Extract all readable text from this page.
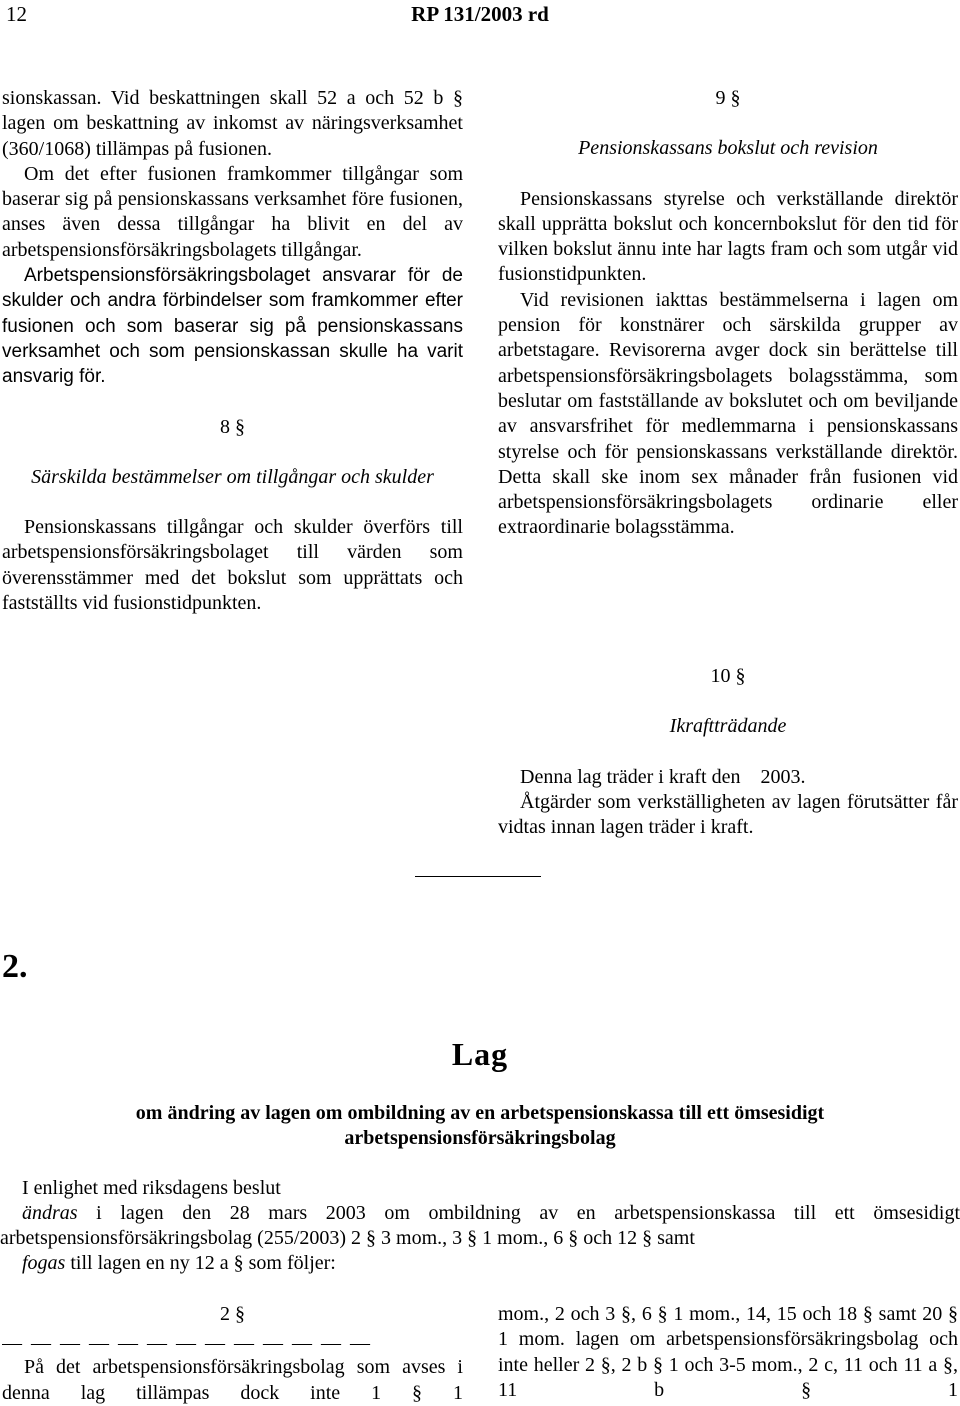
12	RP 131/2003 rd

sionskassan. Vid beskattningen skall 52 a och 52 b § lagen om beskattning av inkomst av näringsverksamhet (360/1068) tillämpas på fusionen.

Om det efter fusionen framkommer tillgångar som baserar sig på pensionskassans verksamhet före fusionen, anses även dessa tillgångar ha blivit en del av arbetspensionsförsäkringsbolagets tillgångar.

Arbetspensionsförsäkringsbolaget ansvarar för de skulder och andra förbindelser som framkommer efter fusionen och som baserar sig på pensionskassans verksamhet och som pensionskassan skulle ha varit ansvarig för.

8 §

Särskilda bestämmelser om tillgångar och skulder

Pensionskassans tillgångar och skulder överförs till arbetspensionsförsäkringsbolaget till värden som överensstämmer med det bokslut som upprättats och fastställts vid fusionstidpunkten.

9 §

Pensionskassans bokslut och revision

Pensionskassans styrelse och verkställande direktör skall upprätta bokslut och koncernbokslut för den tid för vilken bokslut ännu inte har lagts fram och som utgår vid fusionstidpunkten.

Vid revisionen iakttas bestämmelserna i lagen om pension för konstnärer och särskilda grupper av arbetstagare. Revisorerna avger dock sin berättelse till arbetspensionsförsäkringsbolagets bolagsstämma, som beslutar om fastställande av bokslutet och om beviljande av ansvarsfrihet för medlemmarna i pensionskassans styrelse och för pensionskassans verkställande direktör. Detta skall ske inom sex månader från fusionen vid arbetspensionsförsäkringsbolagets ordinarie eller extraordinarie bolagsstämma.

10 §

Ikraftträdande

Denna lag träder i kraft den    2003.

Åtgärder som verkställigheten av lagen förutsätter får vidtas innan lagen träder i kraft.

2.
Lag
om ändring av lagen om ombildning av en arbetspensionskassa till ett ömsesidigt arbetspensionsförsäkringsbolag

I enlighet med riksdagens beslut

ändras i lagen den 28 mars 2003 om ombildning av en arbetspensionskassa till ett ömsesidigt arbetspensionsförsäkringsbolag (255/2003) 2 § 3 mom., 3 § 1 mom., 6 § och 12 § samt

fogas till lagen en ny 12 a § som följer:

2 §

— — — — — — — — — — — — —

På det arbetspensionsförsäkringsbolag som avses i denna lag tillämpas dock inte 1 § 1

mom., 2 och 3 §, 6 § 1 mom., 14, 15 och 18 § samt 20 § 1 mom. lagen om arbetspensionsförsäkringsbolag och inte heller 2 §, 2 b § 1 och 3-5 mom., 2 c, 11 och 11 a §, 11 b § 1
